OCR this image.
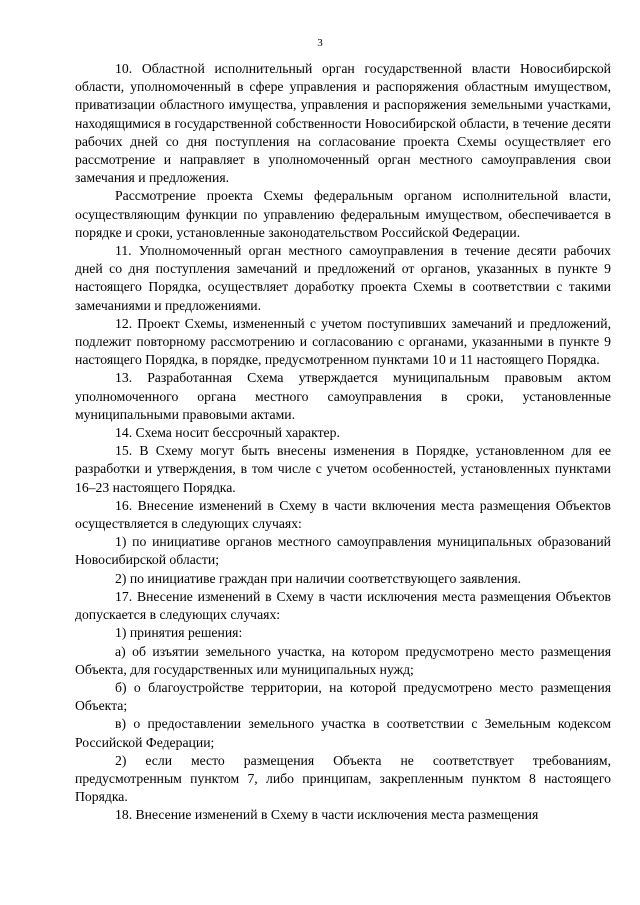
3

10. Областной исполнительный орган государственной власти Новосибирской области, уполномоченный в сфере управления и распоряжения областным имуществом, приватизации областного имущества, управления и распоряжения земельными участками, находящимися в государственной собственности Новосибирской области, в течение десяти рабочих дней со дня поступления на согласование проекта Схемы осуществляет его рассмотрение и направляет в уполномоченный орган местного самоуправления свои замечания и предложения.

Рассмотрение проекта Схемы федеральным органом исполнительной власти, осуществляющим функции по управлению федеральным имуществом, обеспечивается в порядке и сроки, установленные законодательством Российской Федерации.

11. Уполномоченный орган местного самоуправления в течение десяти рабочих дней со дня поступления замечаний и предложений от органов, указанных в пункте 9 настоящего Порядка, осуществляет доработку проекта Схемы в соответствии с такими замечаниями и предложениями.

12. Проект Схемы, измененный с учетом поступивших замечаний и предложений, подлежит повторному рассмотрению и согласованию с органами, указанными в пункте 9 настоящего Порядка, в порядке, предусмотренном пунктами 10 и 11 настоящего Порядка.

13. Разработанная Схема утверждается муниципальным правовым актом уполномоченного органа местного самоуправления в сроки, установленные муниципальными правовыми актами.

14. Схема носит бессрочный характер.

15. В Схему могут быть внесены изменения в Порядке, установленном для ее разработки и утверждения, в том числе с учетом особенностей, установленных пунктами 16–23 настоящего Порядка.

16. Внесение изменений в Схему в части включения места размещения Объектов осуществляется в следующих случаях:

1) по инициативе органов местного самоуправления муниципальных образований Новосибирской области;

2) по инициативе граждан при наличии соответствующего заявления.

17. Внесение изменений в Схему в части исключения места размещения Объектов допускается в следующих случаях:

1) принятия решения:

а) об изъятии земельного участка, на котором предусмотрено место размещения Объекта, для государственных или муниципальных нужд;

б) о благоустройстве территории, на которой предусмотрено место размещения Объекта;

в) о предоставлении земельного участка в соответствии с Земельным кодексом Российской Федерации;

2) если место размещения Объекта не соответствует требованиям, предусмотренным пунктом 7, либо принципам, закрепленным пунктом 8 настоящего Порядка.

18. Внесение изменений в Схему в части исключения места размещения
